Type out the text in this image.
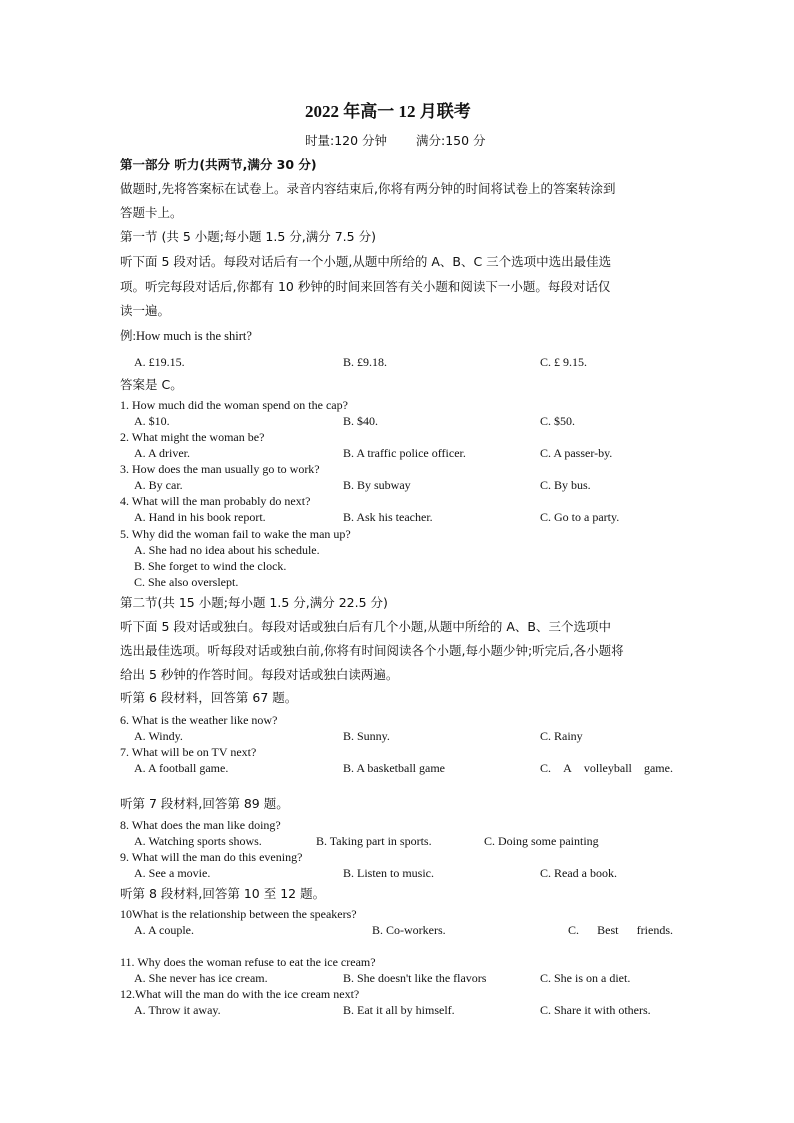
2022 年高一 12 月联考
时量:120 分钟 满分:150 分
第一部分 听力(共两节,满分 30 分)
做题时,先将答案标在试卷上。录音内容结束后,你将有两分钟的时间将试卷上的答案转涂到
答题卡上。
第一节 (共 5 小题;每小题 1.5 分,满分 7.5 分)
听下面 5 段对话。每段对话后有一个小题,从题中所给的 A、B、C 三个选项中选出最佳选
项。听完每段对话后,你都有 10 秒钟的时间来回答有关小题和阅读下一小题。每段对话仅
读一遍。
例:How much is the shirt?
A. £19.15.	B. £9.18.	C. £ 9.15.
答案是 C。
1. How much did the woman spend on the cap?
A. $10.	B. $40.	C. $50.
2. What might the woman be?
A. A driver.	B. A traffic police officer.	C. A passer-by.
3. How does the man usually go to work?
A. By car.	B. By subway	C. By bus.
4. What will the man probably do next?
A. Hand in his book report.	B. Ask his teacher.	C. Go to a party.
5. Why did the woman fail to wake the man up?
A. She had no idea about his schedule.
B. She forget to wind the clock.
C. She also overslept.
第二节(共 15 小题;每小题 1.5 分,满分 22.5 分)
听下面 5 段对话或独白。每段对话或独白后有几个小题,从题中所给的 A、B、三个选项中
选出最佳选项。听每段对话或独白前,你将有时间阅读各个小题,每小题少钟;听完后,各小题将
给出 5 秒钟的作答时间。每段对话或独白读两遍。
听第 6 段材料，回答第 67 题。
6. What is the weather like now?
A. Windy.	B. Sunny.	C. Rainy
7. What will be on TV next?
A. A football game.	B. A basketball game	C. A volleyball game.
听第 7 段材料,回答第 89 题。
8. What does the man like doing?
A. Watching sports shows.	B. Taking part in sports.	C. Doing some painting
9. What will the man do this evening?
A. See a movie.	B. Listen to music.	C. Read a book.
听第 8 段材料,回答第 10 至 12 题。
10What is the relationship between the speakers?
A. A couple.	B. Co-workers.	C. Best friends.
11. Why does the woman refuse to eat the ice cream?
A. She never has ice cream.	B. She doesn't like the flavors	C. She is on a diet.
12.What will the man do with the ice cream next?
A. Throw it away.	B. Eat it all by himself.	C. Share it with others.
